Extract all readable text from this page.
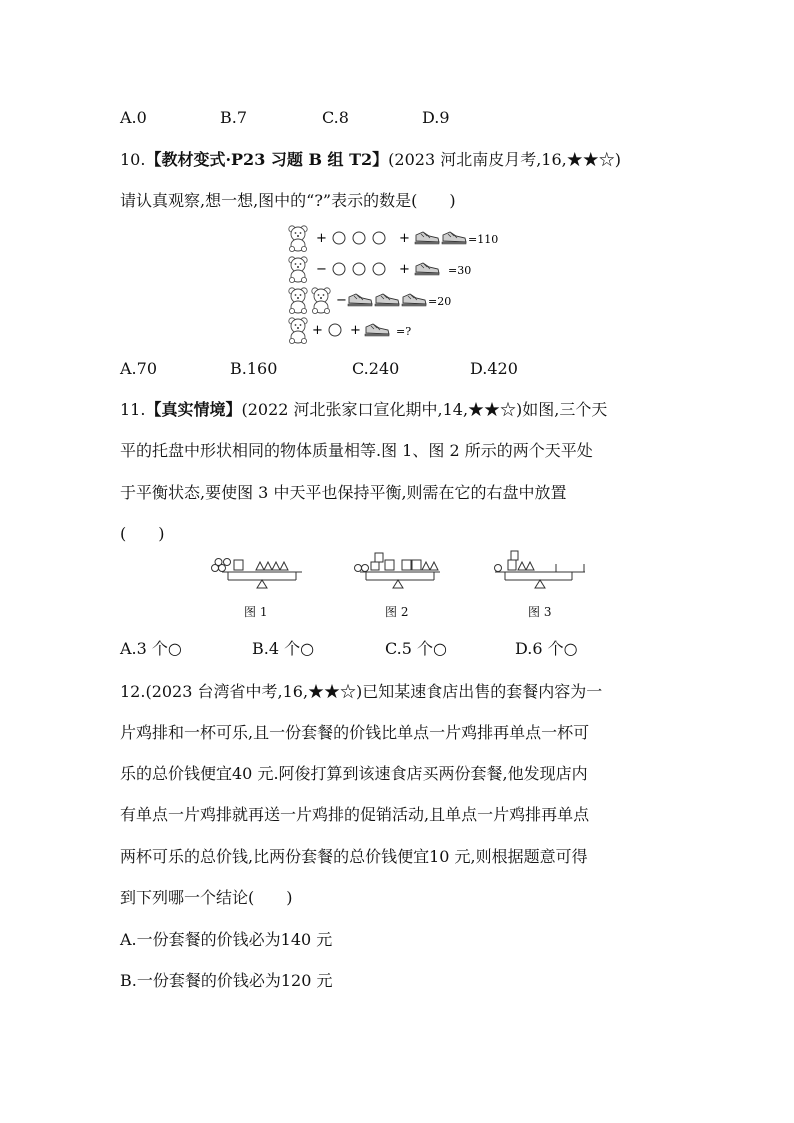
A.0	B.7	C.8	D.9
10.【教材变式·P23 习题 B 组 T2】(2023 河北南皮月考,16,★★☆)
请认真观察,想一想,图中的“?”表示的数是(　　)
+	+	=110
−	+	=30
−	=20
+ +	=?
A.70	B.160	C.240	D.420
11.【真实情境】(2022 河北张家口宣化期中,14,★★☆)如图,三个天
平的托盘中形状相同的物体质量相等.图 1、图 2 所示的两个天平处
于平衡状态,要使图 3 中天平也保持平衡,则需在它的右盘中放置
(　　)
图 1	图 2	图 3
A.3 个○	B.4 个○	C.5 个○	D.6 个○
12.(2023 台湾省中考,16,★★☆)已知某速食店出售的套餐内容为一
片鸡排和一杯可乐,且一份套餐的价钱比单点一片鸡排再单点一杯可
乐的总价钱便宜40 元.阿俊打算到该速食店买两份套餐,他发现店内
有单点一片鸡排就再送一片鸡排的促销活动,且单点一片鸡排再单点
两杯可乐的总价钱,比两份套餐的总价钱便宜10 元,则根据题意可得
到下列哪一个结论(　　)
A.一份套餐的价钱必为140 元
B.一份套餐的价钱必为120 元
